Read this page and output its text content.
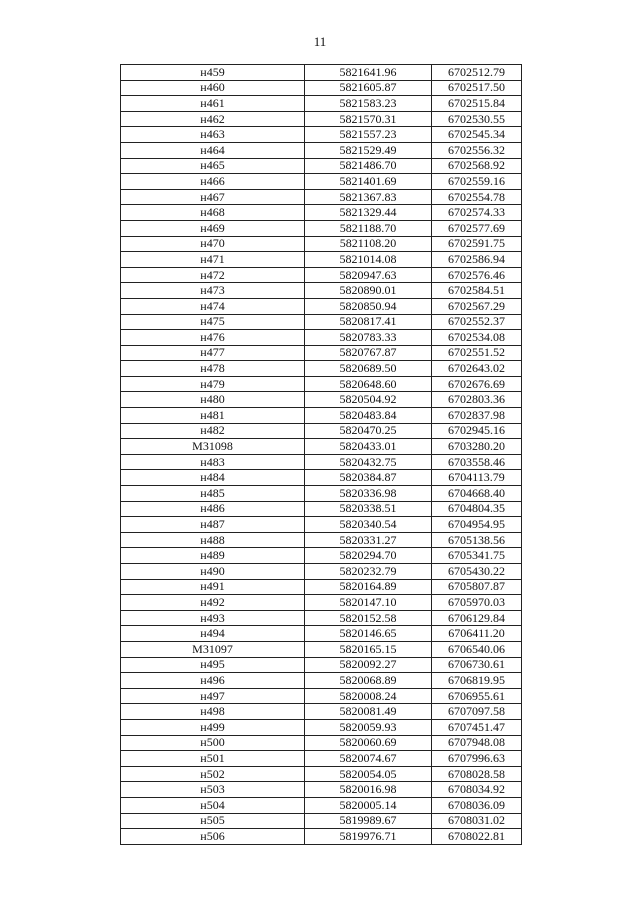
11
н459	5821641.96	6702512.79
н460	5821605.87	6702517.50
н461	5821583.23	6702515.84
н462	5821570.31	6702530.55
н463	5821557.23	6702545.34
н464	5821529.49	6702556.32
н465	5821486.70	6702568.92
н466	5821401.69	6702559.16
н467	5821367.83	6702554.78
н468	5821329.44	6702574.33
н469	5821188.70	6702577.69
н470	5821108.20	6702591.75
н471	5821014.08	6702586.94
н472	5820947.63	6702576.46
н473	5820890.01	6702584.51
н474	5820850.94	6702567.29
н475	5820817.41	6702552.37
н476	5820783.33	6702534.08
н477	5820767.87	6702551.52
н478	5820689.50	6702643.02
н479	5820648.60	6702676.69
н480	5820504.92	6702803.36
н481	5820483.84	6702837.98
н482	5820470.25	6702945.16
М31098	5820433.01	6703280.20
н483	5820432.75	6703558.46
н484	5820384.87	6704113.79
н485	5820336.98	6704668.40
н486	5820338.51	6704804.35
н487	5820340.54	6704954.95
н488	5820331.27	6705138.56
н489	5820294.70	6705341.75
н490	5820232.79	6705430.22
н491	5820164.89	6705807.87
н492	5820147.10	6705970.03
н493	5820152.58	6706129.84
н494	5820146.65	6706411.20
М31097	5820165.15	6706540.06
н495	5820092.27	6706730.61
н496	5820068.89	6706819.95
н497	5820008.24	6706955.61
н498	5820081.49	6707097.58
н499	5820059.93	6707451.47
н500	5820060.69	6707948.08
н501	5820074.67	6707996.63
н502	5820054.05	6708028.58
н503	5820016.98	6708034.92
н504	5820005.14	6708036.09
н505	5819989.67	6708031.02
н506	5819976.71	6708022.81
